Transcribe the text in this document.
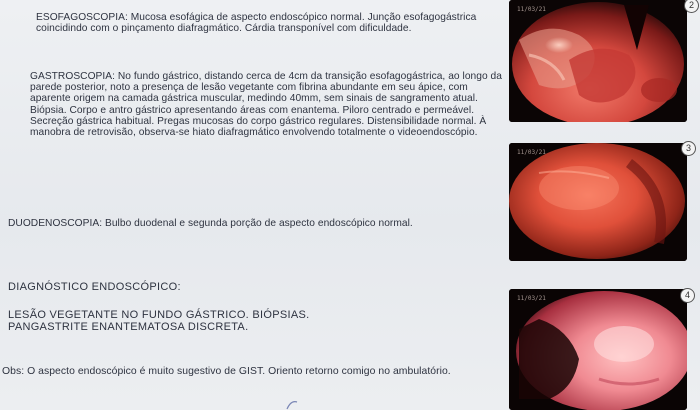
ESOFAGOSCOPIA: Mucosa esofágica de aspecto endoscópico normal. Junção esofagogástrica coincidindo com o pinçamento diafragmático. Cárdia transponível com dificuldade.

GASTROSCOPIA: No fundo gástrico, distando cerca de 4cm da transição esofagogástrica, ao longo da parede posterior, noto a presença de lesão vegetante com fibrina abundante em seu ápice, com aparente origem na camada gástrica muscular, medindo 40mm, sem sinais de sangramento atual. Biópsia. Corpo e antro gástrico apresentando áreas com enantema. Piloro centrado e permeável. Secreção gástrica habitual. Pregas mucosas do corpo gástrico regulares. Distensibilidade normal. À manobra de retrovisão, observa-se hiato diafragmático envolvendo totalmente o videoendoscópio.

DUODENOSCOPIA: Bulbo duodenal e segunda porção de aspecto endoscópico normal.

DIAGNÓSTICO ENDOSCÓPICO:

LESÃO VEGETANTE NO FUNDO GÁSTRICO. BIÓPSIAS.
PANGASTRITE ENANTEMATOSA DISCRETA.

Obs: O aspecto endoscópico é muito sugestivo de GIST. Oriento retorno comigo no ambulatório.

11/03/21	2
11/03/21	3
11/03/21	4
